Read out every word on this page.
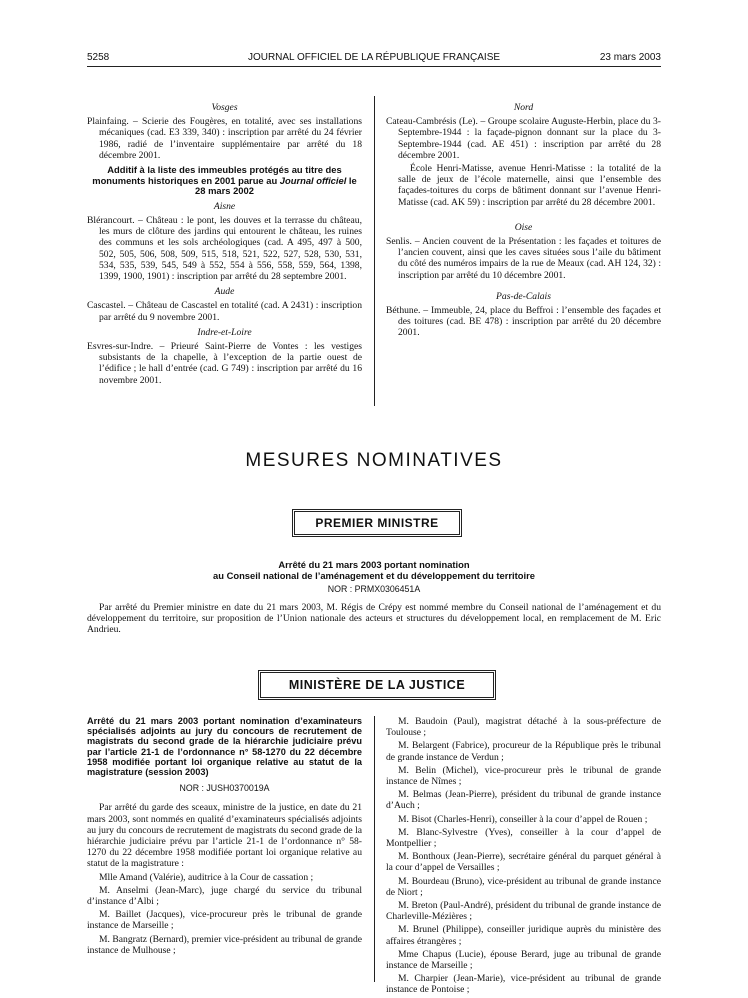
5258	JOURNAL OFFICIEL DE LA RÉPUBLIQUE FRANÇAISE	23 mars 2003
Vosges

Plainfaing. – Scierie des Fougères, en totalité, avec ses installations mécaniques (cad. E3 339, 340) : inscription par arrêté du 24 février 1986, radié de l’inventaire supplémentaire par arrêté du 18 décembre 2001.

Additif à la liste des immeubles protégés au titre des monuments historiques en 2001 parue au Journal officiel le 28 mars 2002
Aisne

Blérancourt. – Château : le pont, les douves et la terrasse du château, les murs de clôture des jardins qui entourent le château, les ruines des communs et les sols archéologiques (cad. A 495, 497 à 500, 502, 505, 506, 508, 509, 515, 518, 521, 522, 527, 528, 530, 531, 534, 535, 539, 545, 549 à 552, 554 à 556, 558, 559, 564, 1398, 1399, 1900, 1901) : inscription par arrêté du 28 septembre 2001.

Aude

Cascastel. – Château de Cascastel en totalité (cad. A 2431) : inscription par arrêté du 9 novembre 2001.

Indre-et-Loire

Esvres-sur-Indre. – Prieuré Saint-Pierre de Vontes : les vestiges subsistants de la chapelle, à l’exception de la partie ouest de l’édifice ; le hall d’entrée (cad. G 749) : inscription par arrêté du 16 novembre 2001.

Nord

Cateau-Cambrésis (Le). – Groupe scolaire Auguste-Herbin, place du 3-Septembre-1944 : la façade-pignon donnant sur la place du 3-Septembre-1944 (cad. AE 451) : inscription par arrêté du 28 décembre 2001.

École Henri-Matisse, avenue Henri-Matisse : la totalité de la salle de jeux de l’école maternelle, ainsi que l’ensemble des façades-toitures du corps de bâtiment donnant sur l’avenue Henri-Matisse (cad. AK 59) : inscription par arrêté du 28 décembre 2001.

Oise

Senlis. – Ancien couvent de la Présentation : les façades et toitures de l’ancien couvent, ainsi que les caves situées sous l’aile du bâtiment du côté des numéros impairs de la rue de Meaux (cad. AH 124, 32) : inscription par arrêté du 10 décembre 2001.

Pas-de-Calais

Béthune. – Immeuble, 24, place du Beffroi : l’ensemble des façades et des toitures (cad. BE 478) : inscription par arrêté du 20 décembre 2001.

MESURES NOMINATIVES
PREMIER MINISTRE
Arrêté du 21 mars 2003 portant nomination
au Conseil national de l’aménagement et du développement du territoire
NOR : PRMX0306451A
Par arrêté du Premier ministre en date du 21 mars 2003, M. Régis de Crépy est nommé membre du Conseil national de l’aménagement et du développement du territoire, sur proposition de l’Union nationale des acteurs et structures du développement local, en remplacement de M. Eric Andrieu.
MINISTÈRE DE LA JUSTICE
Arrêté du 21 mars 2003 portant nomination d’examinateurs spécialisés adjoints au jury du concours de recrutement de magistrats du second grade de la hiérarchie judiciaire prévu par l’article 21-1 de l’ordonnance n° 58-1270 du 22 décembre 1958 modifiée portant loi organique relative au statut de la magistrature (session 2003)
NOR : JUSH0370019A

Par arrêté du garde des sceaux, ministre de la justice, en date du 21 mars 2003, sont nommés en qualité d’examinateurs spécialisés adjoints au jury du concours de recrutement de magistrats du second grade de la hiérarchie judiciaire prévu par l’article 21-1 de l’ordonnance n° 58-1270 du 22 décembre 1958 modifiée portant loi organique relative au statut de la magistrature :

Mlle Amand (Valérie), auditrice à la Cour de cassation ;

M. Anselmi (Jean-Marc), juge chargé du service du tribunal d’instance d’Albi ;

M. Baillet (Jacques), vice-procureur près le tribunal de grande instance de Marseille ;

M. Bangratz (Bernard), premier vice-président au tribunal de grande instance de Mulhouse ;

M. Baudoin (Paul), magistrat détaché à la sous-préfecture de Toulouse ;

M. Belargent (Fabrice), procureur de la République près le tribunal de grande instance de Verdun ;

M. Belin (Michel), vice-procureur près le tribunal de grande instance de Nîmes ;

M. Belmas (Jean-Pierre), président du tribunal de grande instance d’Auch ;

M. Bisot (Charles-Henri), conseiller à la cour d’appel de Rouen ;

M. Blanc-Sylvestre (Yves), conseiller à la cour d’appel de Montpellier ;

M. Bonthoux (Jean-Pierre), secrétaire général du parquet général à la cour d’appel de Versailles ;

M. Bourdeau (Bruno), vice-président au tribunal de grande instance de Niort ;

M. Breton (Paul-André), président du tribunal de grande instance de Charleville-Mézières ;

M. Brunel (Philippe), conseiller juridique auprès du ministère des affaires étrangères ;

Mme Chapus (Lucie), épouse Berard, juge au tribunal de grande instance de Marseille ;

M. Charpier (Jean-Marie), vice-président au tribunal de grande instance de Pontoise ;
